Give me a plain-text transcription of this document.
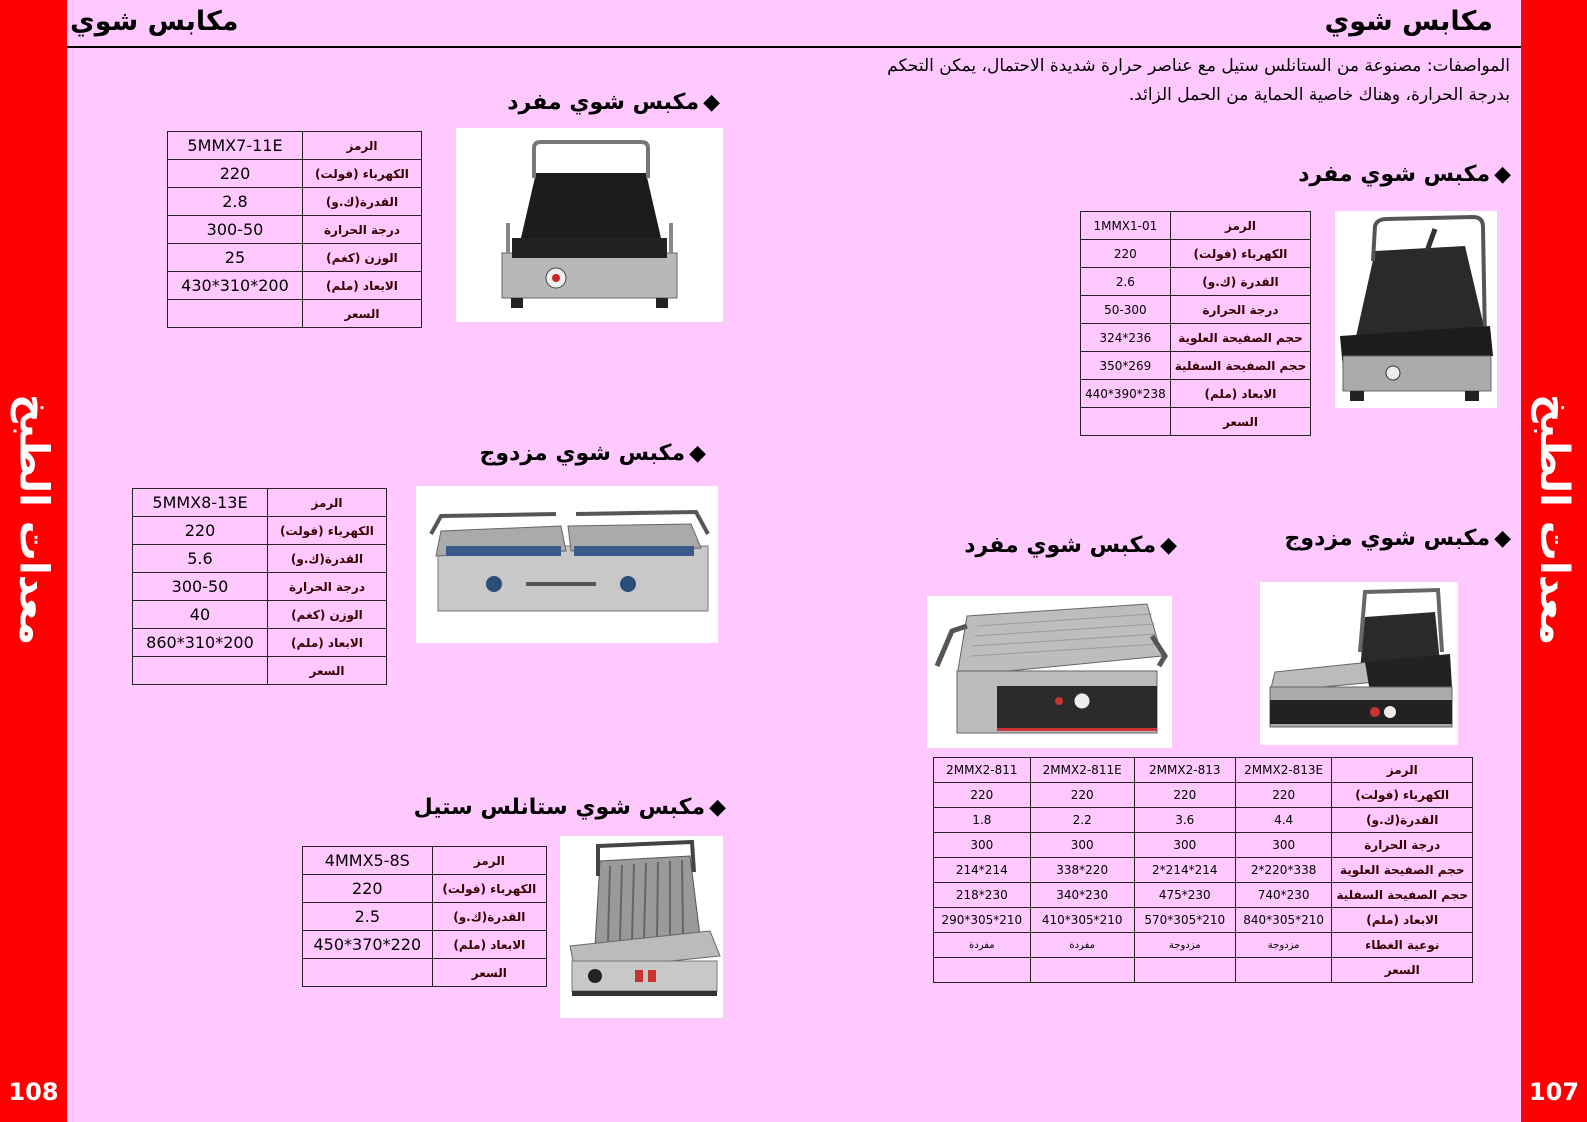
معدات الطبخ
108
معدات الطبخ
107
مكابس شوي	مكابس شوي
المواصفات: مصنوعة من الستانلس ستيل مع عناصر حرارة شديدة الاحتمال، يمكن التحكم بدرجة الحرارة، وهناك خاصية الحماية من الحمل الزائد.
◆مكبس شوي مفرد
5MMX7-11E	الرمز
220	الكهرباء (فولت)
2.8	القدرة(ك.و)
300-50	درجة الحرارة
25	الوزن (كغم)
430*310*200	الابعاد (ملم)
	السعر
◆مكبس شوي مزدوج
5MMX8-13E	الرمز
220	الكهرباء (فولت)
5.6	القدرة(ك.و)
300-50	درجة الحرارة
40	الوزن (كغم)
860*310*200	الابعاد (ملم)
	السعر
◆مكبس شوي ستانلس ستيل
4MMX5-8S	الرمز
220	الكهرباء (فولت)
2.5	القدرة(ك.و)
450*370*220	الابعاد (ملم)
	السعر
◆مكبس شوي مفرد
1MMX1-01	الرمز
220	الكهرباء (فولت)
2.6	القدرة (ك.و)
50-300	درجة الحرارة
324*236	حجم الصفيحة العلوية
350*269	حجم الصفيحة السفلية
440*390*238	الابعاد (ملم)
	السعر
◆مكبس شوي مزدوج
◆مكبس شوي مفرد
2MMX2-811	2MMX2-811E	2MMX2-813	2MMX2-813E	الرمز
220	220	220	220	الكهرباء (فولت)
1.8	2.2	3.6	4.4	القدرة(ك.و)
300	300	300	300	درجة الحرارة
214*214	338*220	2*214*214	2*220*338	حجم الصفيحة العلوية
218*230	340*230	475*230	740*230	حجم الصفيحة السفلية
290*305*210	410*305*210	570*305*210	840*305*210	الابعاد (ملم)
مفردة	مفردة	مزدوجة	مزدوجة	نوعية الغطاء
				السعر
